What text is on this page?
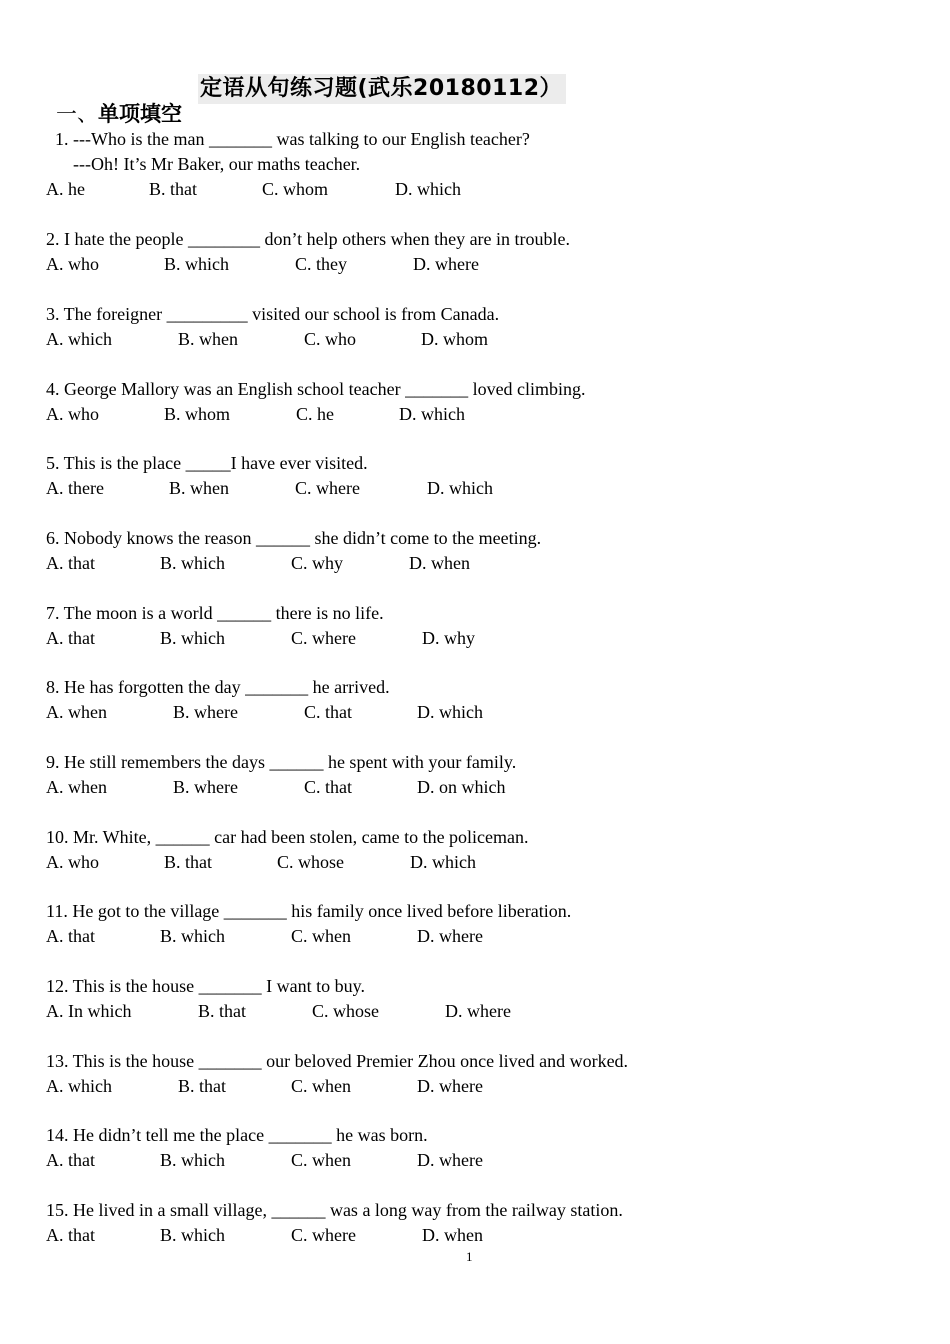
定语从句练习题(武乐20180112）
一、单项填空
1. ---Who is the man _______ was talking to our English teacher?
---Oh! It’s Mr Baker, our maths teacher.
A. he	B. that	C. whom	D. which
2. I hate the people ________ don’t help others when they are in trouble.
A. who	B. which	C. they	D. where
3. The foreigner _________ visited our school is from Canada.
A. which	B. when	C. who	D. whom
4. George Mallory was an English school teacher _______ loved climbing.
A. who	B. whom	C. he	D. which
5. This is the place _____I have ever visited.
A. there	B. when	C. where	D. which
6. Nobody knows the reason ______ she didn’t come to the meeting.
A. that	B. which	C. why	D. when
7. The moon is a world ______ there is no life.
A. that	B. which	C. where	D. why
8. He has forgotten the day _______ he arrived.
A. when	B. where	C. that	D. which
9. He still remembers the days ______ he spent with your family.
A. when	B. where	C. that	D. on which
10. Mr. White, ______ car had been stolen, came to the policeman.
A. who	B. that	C. whose	D. which
11. He got to the village _______ his family once lived before liberation.
A. that	B. which	C. when	D. where
12. This is the house _______ I want to buy.
A. In which	B. that	C. whose	D. where
13. This is the house _______ our beloved Premier Zhou once lived and worked.
A. which	B. that	C. when	D. where
14. He didn’t tell me the place _______ he was born.
A. that	B. which	C. when	D. where
15. He lived in a small village, ______ was a long way from the railway station.
A. that	B. which	C. where	D. when
1
